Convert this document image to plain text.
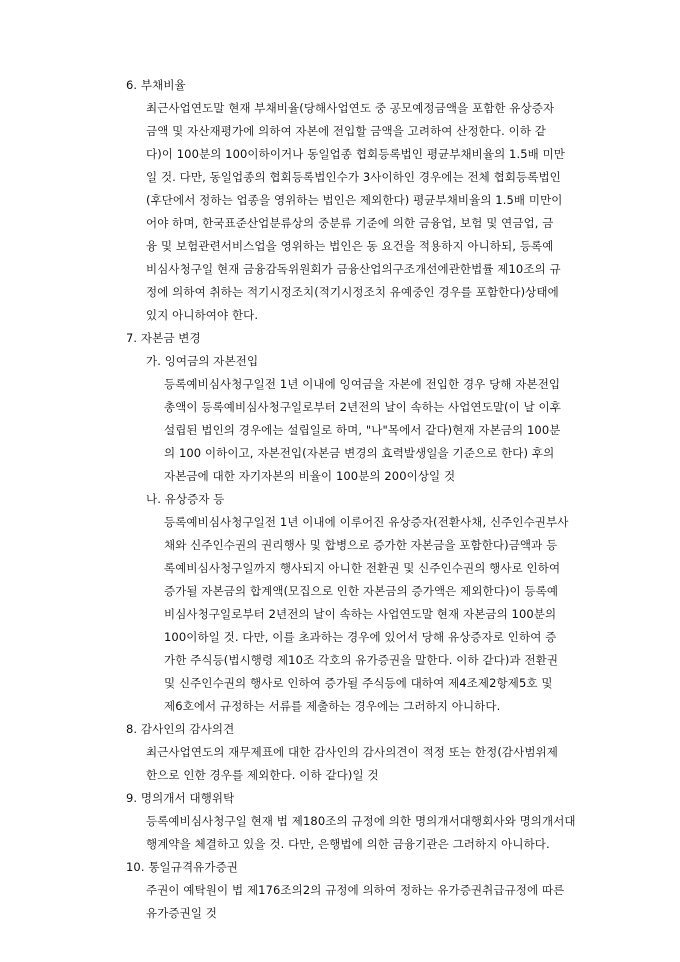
6. 부채비율
최근사업연도말 현재 부채비율(당해사업연도 중 공모예정금액을 포함한 유상증자
금액 및 자산재평가에 의하여 자본에 전입할 금액을 고려하여 산정한다. 이하 같
다)이 100분의 100이하이거나 동일업종 협회등록법인 평균부채비율의 1.5배 미만
일 것. 다만, 동일업종의 협회등록법인수가 3사이하인 경우에는 전체 협회등록법인
(후단에서 정하는 업종을 영위하는 법인은 제외한다) 평균부채비율의 1.5배 미만이
어야 하며, 한국표준산업분류상의 중분류 기준에 의한 금융업, 보험 및 연금업, 금
융 및 보험관련서비스업을 영위하는 법인은 동 요건을 적용하지 아니하되, 등록예
비심사청구일 현재 금융감독위원회가 금융산업의구조개선에관한법률 제10조의 규
정에 의하여 취하는 적기시정조치(적기시정조치 유예중인 경우를 포함한다)상태에
있지 아니하여야 한다.
7. 자본금 변경
가. 잉여금의 자본전입
등록예비심사청구일전 1년 이내에 잉여금을 자본에 전입한 경우 당해 자본전입
총액이 등록예비심사청구일로부터 2년전의 날이 속하는 사업연도말(이 날 이후
설립된 법인의 경우에는 설립일로 하며, "나"목에서 같다)현재 자본금의 100분
의 100 이하이고, 자본전입(자본금 변경의 효력발생일을 기준으로 한다) 후의
자본금에 대한 자기자본의 비율이 100분의 200이상일 것
나. 유상증자 등
등록예비심사청구일전 1년 이내에 이루어진 유상증자(전환사채, 신주인수권부사
채와 신주인수권의 권리행사 및 합병으로 증가한 자본금을 포함한다)금액과 등
록예비심사청구일까지 행사되지 아니한 전환권 및 신주인수권의 행사로 인하여
증가될 자본금의 합계액(모집으로 인한 자본금의 증가액은 제외한다)이 등록예
비심사청구일로부터 2년전의 날이 속하는 사업연도말 현재 자본금의 100분의
100이하일 것. 다만, 이를 초과하는 경우에 있어서 당해 유상증자로 인하여 증
가한 주식등(법시행령 제10조 각호의 유가증권을 말한다. 이하 같다)과 전환권
및 신주인수권의 행사로 인하여 증가될 주식등에 대하여 제4조제2항제5호 및
제6호에서 규정하는 서류를 제출하는 경우에는 그러하지 아니하다.
8. 감사인의 감사의견
최근사업연도의 재무제표에 대한 감사인의 감사의견이 적정 또는 한정(감사범위제
한으로 인한 경우를 제외한다. 이하 같다)일 것
9. 명의개서 대행위탁
등록예비심사청구일 현재 법 제180조의 규정에 의한 명의개서대행회사와 명의개서대
행계약을 체결하고 있을 것. 다만, 은행법에 의한 금융기관은 그러하지 아니하다.
10. 통일규격유가증권
주권이 예탁원이 법 제176조의2의 규정에 의하여 정하는 유가증권취급규정에 따른
유가증권일 것
